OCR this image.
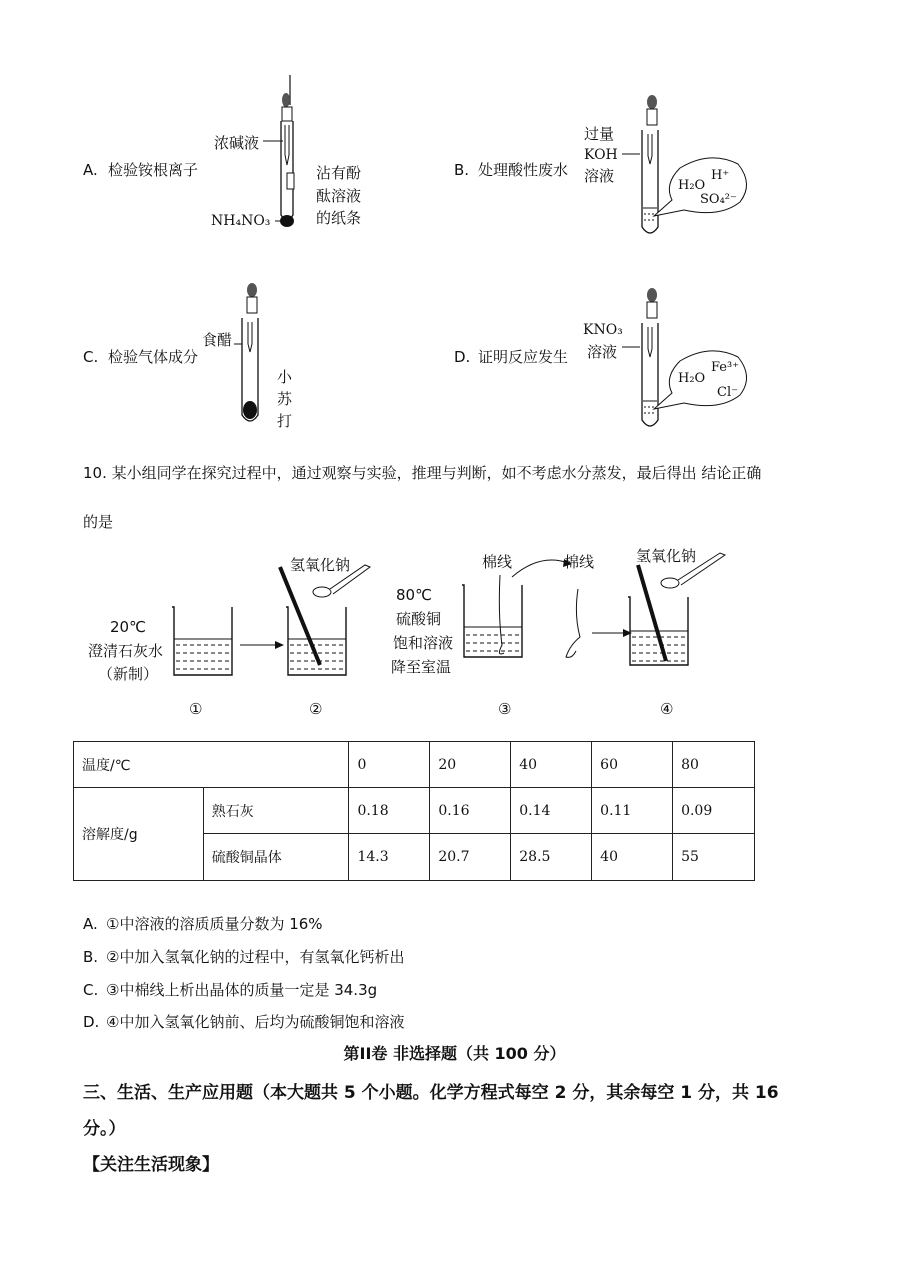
A. 检验铵根离子
浓碱液
沾有酚
酞溶液
的纸条
NH₄NO₃
B. 处理酸性废水
过量
KOH
溶液
H₂O
H⁺
SO₄²⁻
C. 检验气体成分
食醋
小
苏
打
D. 证明反应发生
KNO₃
溶液
H₂O
Fe³⁺
Cl⁻
10. 某小组同学在探究过程中，通过观察与实验，推理与判断，如不考虑水分蒸发，最后得出 结论正确
的是
20℃
澄清石灰水
（新制）
氢氧化钠
80℃
硫酸铜
饱和溶液
降至室温
棉线	棉线	氢氧化钠
①	②	③	④
温度/℃		0	20	40	60	80
溶解度/g	熟石灰	0.18	0.16	0.14	0.11	0.09
	硫酸铜晶体	14.3	20.7	28.5	40	55
A. ①中溶液的溶质质量分数为 16%
B. ②中加入氢氧化钠的过程中，有氢氧化钙析出
C. ③中棉线上析出晶体的质量一定是 34.3g
D. ④中加入氢氧化钠前、后均为硫酸铜饱和溶液
第II卷 非选择题（共 100 分）
三、生活、生产应用题（本大题共 5 个小题。化学方程式每空 2 分，其余每空 1 分，共 16
分。）
【关注生活现象】
